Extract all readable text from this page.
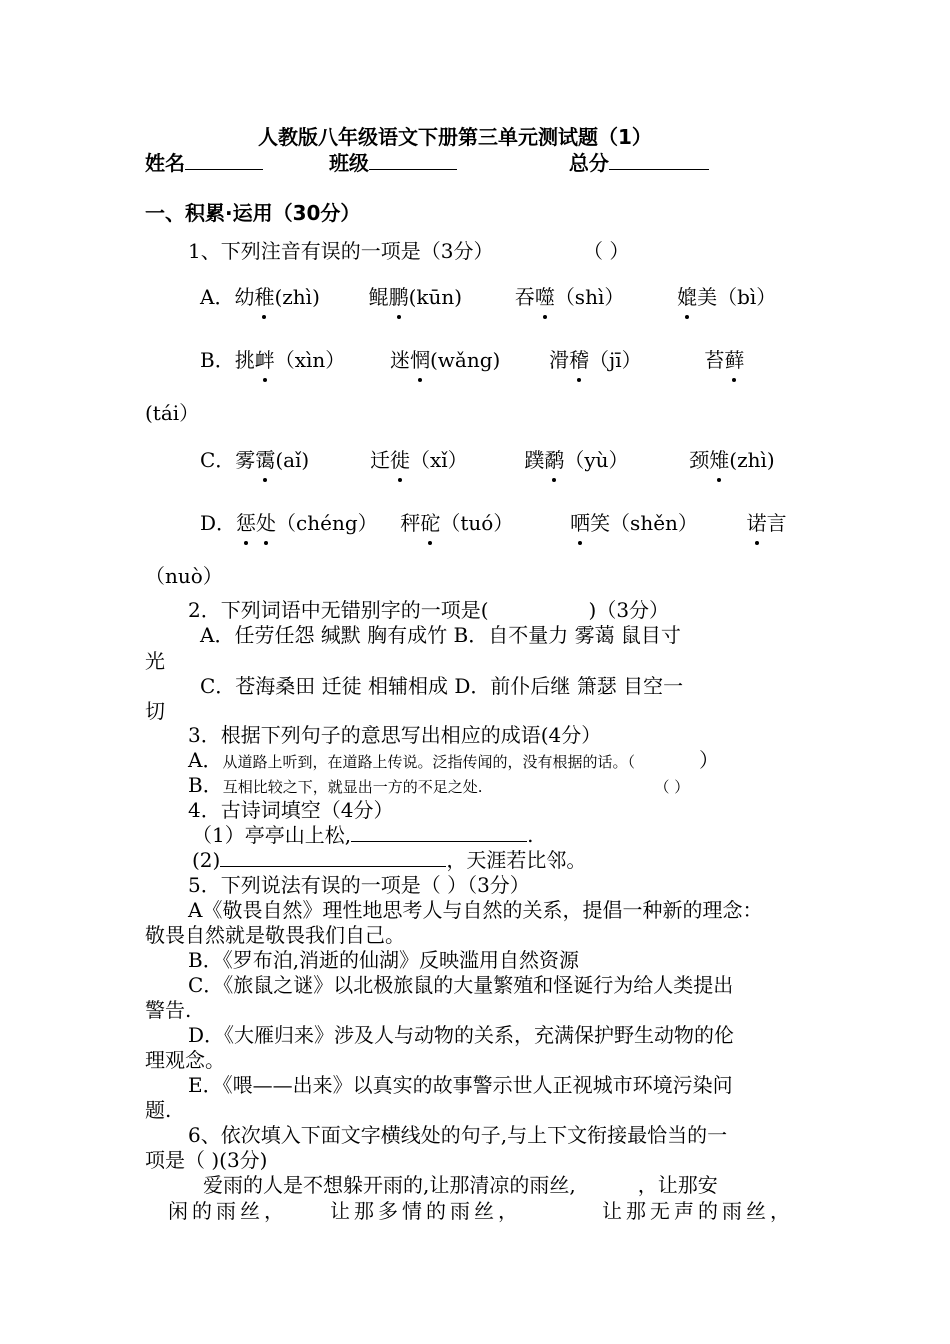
人教版八年级语文下册第三单元测试题（1）
姓名	班级	总分
一、积累·运用（30分）
1、下列注音有误的一项是（3分）	（ ）
A．幼稚(zhì) 鲲鹏(kūn)	吞噬（shì）	媲美（bì）
B．挑衅（xìn） 迷惘(wǎng) 滑稽（jī）	苔藓
(tái）
C．雾霭(aǐ)	迁徙（xǐ）	蹼鹬（yù）	颈雉(zhì)
D．惩处（chéng） 秤砣（tuó）	哂笑（shěn） 诺言
（nuò）
2．下列词语中无错别字的一项是(	)（3分）
A．任劳任怨 缄默 胸有成竹 B．自不量力 雾蔼 鼠目寸
光
C．苍海桑田 迁徒 相辅相成 D．前仆后继 箫瑟 目空一
切
3．根据下列句子的意思写出相应的成语(4分）
A．从道路上听到，在道路上传说。泛指传闻的，没有根据的话。（	）
B．互相比较之下，就显出一方的不足之处.	（ ）
4．古诗词填空（4分）
（1）亭亭山上松,	.
(2)	，天涯若比邻。
5．下列说法有误的一项是（ ）（3分）
A《敬畏自然》理性地思考人与自然的关系，提倡一种新的理念：
敬畏自然就是敬畏我们自己。
B．《罗布泊,消逝的仙湖》反映滥用自然资源
C．《旅鼠之谜》以北极旅鼠的大量繁殖和怪诞行为给人类提出
警告.
D．《大雁归来》涉及人与动物的关系，充满保护野生动物的伦
理观念。
E．《喂——出来》以真实的故事警示世人正视城市环境污染问
题.
6、依次填入下面文字横线处的句子,与上下文衔接最恰当的一
项是（ )(3分)
爱雨的人是不想躲开雨的,让那清凉的雨丝,	，让那安
闲的雨丝， 让那多情的雨丝，	让那无声的雨丝，
